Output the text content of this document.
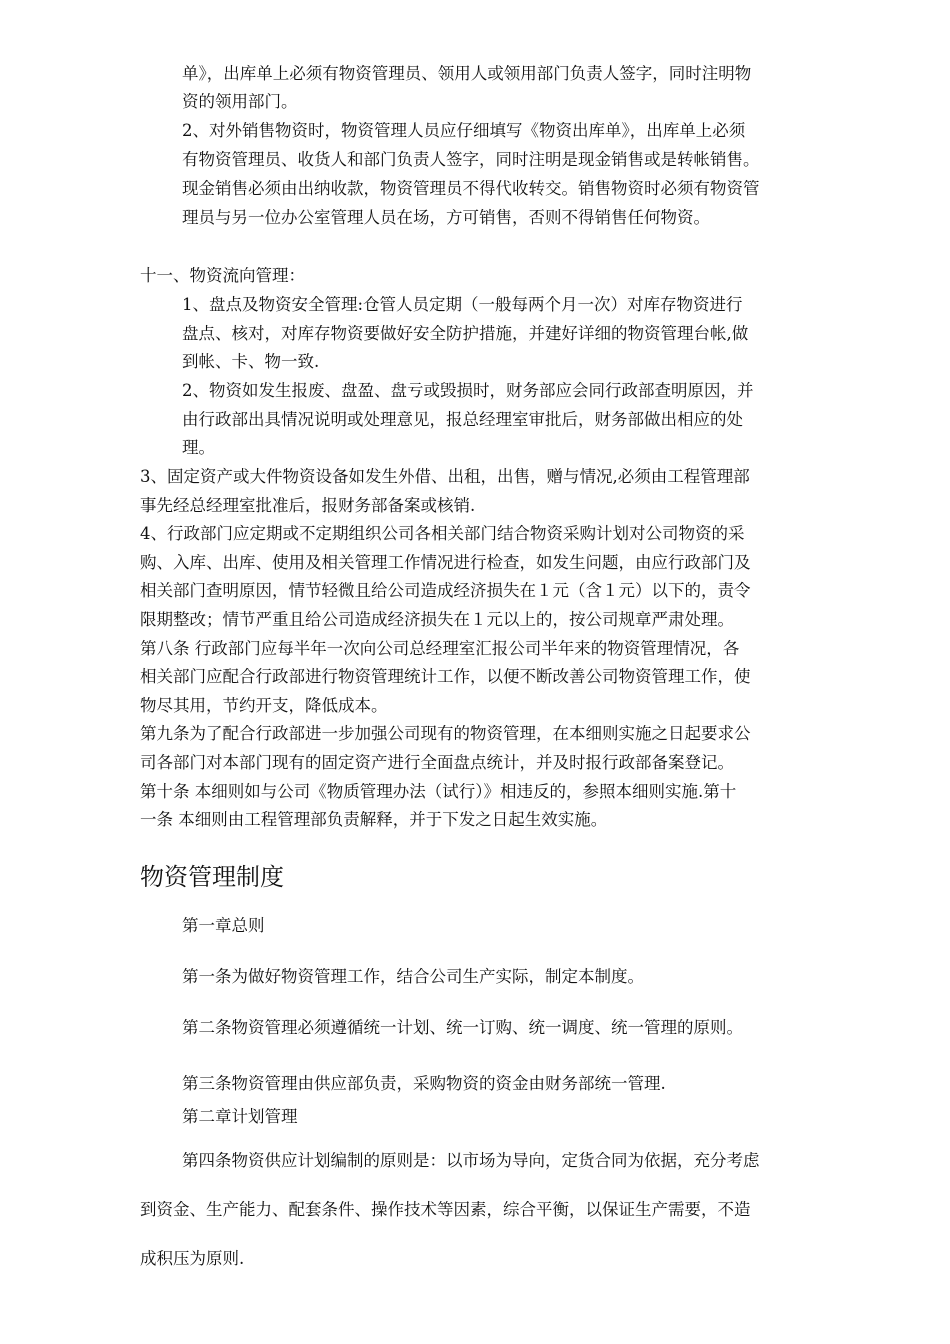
单》，出库单上必须有物资管理员、领用人或领用部门负责人签字，同时注明物

资的领用部门。

2、对外销售物资时，物资管理人员应仔细填写《物资出库单》，出库单上必须

有物资管理员、收货人和部门负责人签字，同时注明是现金销售或是转帐销售。

现金销售必须由出纳收款，物资管理员不得代收转交。销售物资时必须有物资管

理员与另一位办公室管理人员在场，方可销售，否则不得销售任何物资。

十一、物资流向管理：

1、盘点及物资安全管理:仓管人员定期（一般每两个月一次）对库存物资进行

盘点、核对，对库存物资要做好安全防护措施，并建好详细的物资管理台帐,做

到帐、卡、物一致.

2、物资如发生报废、盘盈、盘亏或毁损时，财务部应会同行政部查明原因，并

由行政部出具情况说明或处理意见，报总经理室审批后，财务部做出相应的处

理。

3、固定资产或大件物资设备如发生外借、出租，出售，赠与情况,必须由工程管理部

事先经总经理室批准后，报财务部备案或核销.

4、行政部门应定期或不定期组织公司各相关部门结合物资采购计划对公司物资的采

购、入库、出库、使用及相关管理工作情况进行检查，如发生问题，由应行政部门及

相关部门查明原因，情节轻微且给公司造成经济损失在１元（含１元）以下的，责令

限期整改；情节严重且给公司造成经济损失在１元以上的，按公司规章严肃处理。

第八条 行政部门应每半年一次向公司总经理室汇报公司半年来的物资管理情况，各

相关部门应配合行政部进行物资管理统计工作，以便不断改善公司物资管理工作，使

物尽其用，节约开支，降低成本。

第九条为了配合行政部进一步加强公司现有的物资管理，在本细则实施之日起要求公

司各部门对本部门现有的固定资产进行全面盘点统计，并及时报行政部备案登记。

第十条 本细则如与公司《物质管理办法（试行）》相违反的，参照本细则实施.第十

一条 本细则由工程管理部负责解释，并于下发之日起生效实施。

物资管理制度

第一章总则

第一条为做好物资管理工作，结合公司生产实际，制定本制度。

第二条物资管理必须遵循统一计划、统一订购、统一调度、统一管理的原则。

第三条物资管理由供应部负责，采购物资的资金由财务部统一管理.

第二章计划管理

第四条物资供应计划编制的原则是：以市场为导向，定货合同为依据，充分考虑

到资金、生产能力、配套条件、操作技术等因素，综合平衡，以保证生产需要，不造

成积压为原则.
